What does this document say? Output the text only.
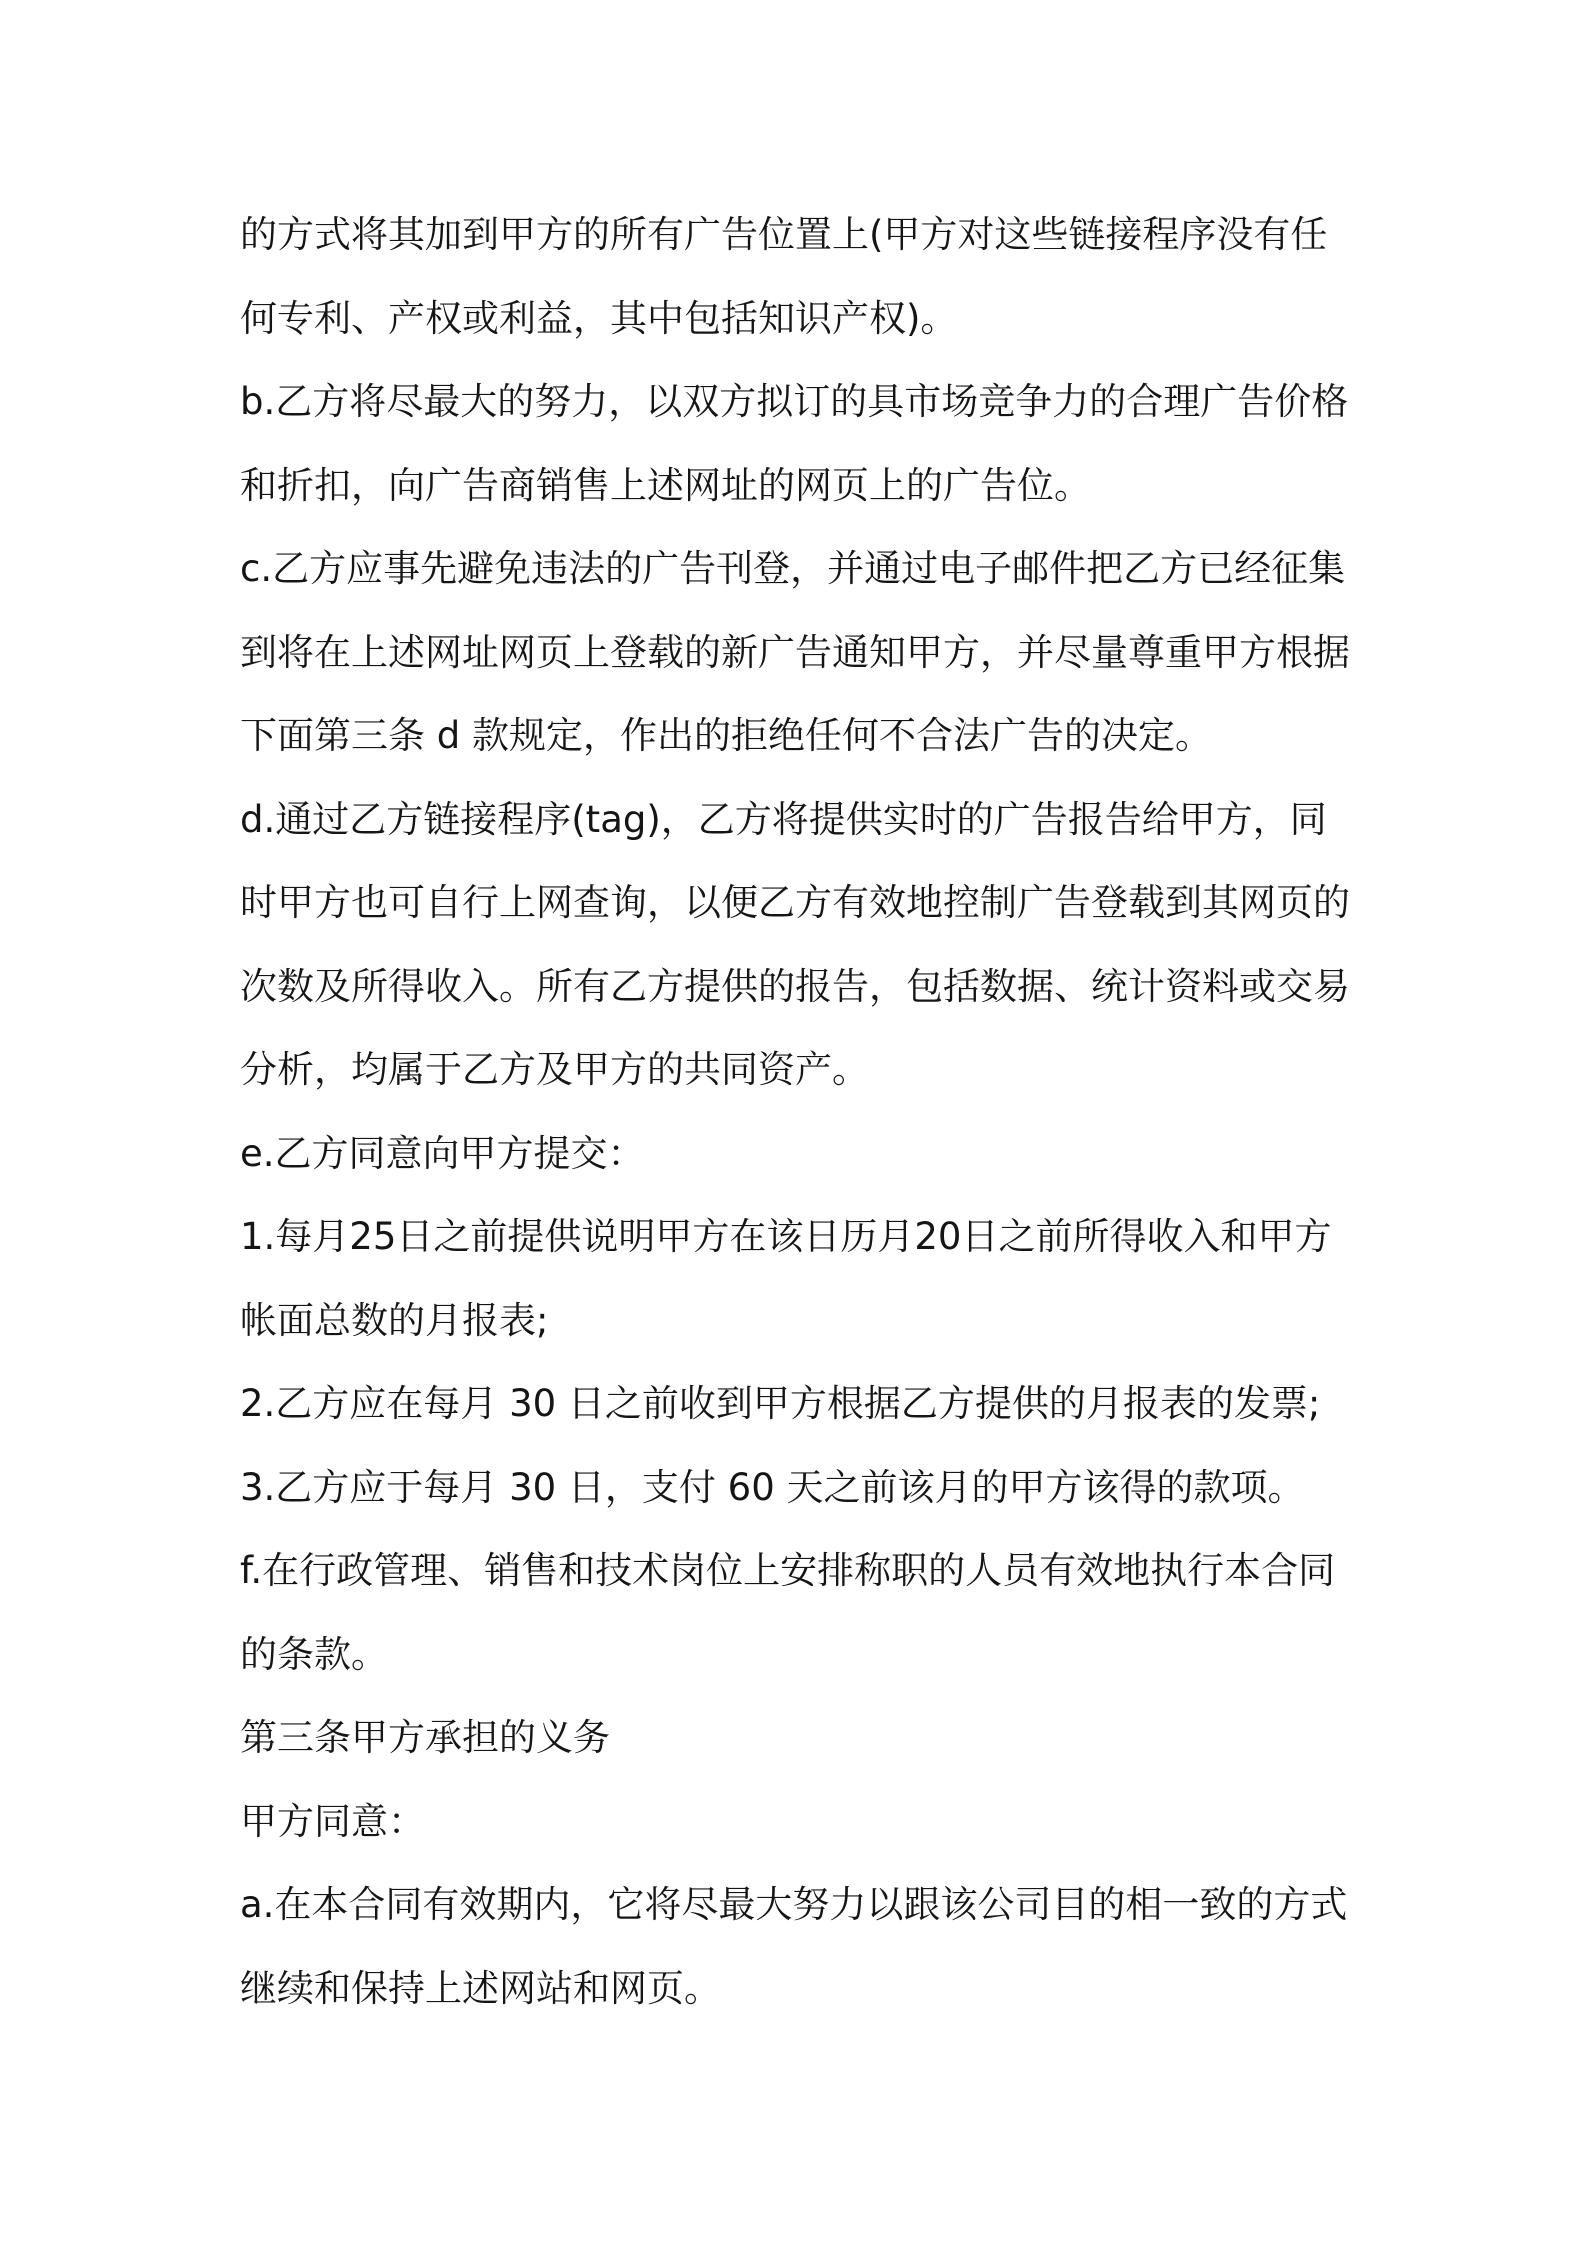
的方式将其加到甲方的所有广告位置上(甲方对这些链接程序没有任
何专利、产权或利益，其中包括知识产权)。
b.乙方将尽最大的努力，以双方拟订的具市场竞争力的合理广告价格
和折扣，向广告商销售上述网址的网页上的广告位。
c.乙方应事先避免违法的广告刊登，并通过电子邮件把乙方已经征集
到将在上述网址网页上登载的新广告通知甲方，并尽量尊重甲方根据
下面第三条 d 款规定，作出的拒绝任何不合法广告的决定。
d.通过乙方链接程序(tag)，乙方将提供实时的广告报告给甲方，同
时甲方也可自行上网查询，以便乙方有效地控制广告登载到其网页的
次数及所得收入。所有乙方提供的报告，包括数据、统计资料或交易
分析，均属于乙方及甲方的共同资产。
e.乙方同意向甲方提交：
1.每月25日之前提供说明甲方在该日历月20日之前所得收入和甲方
帐面总数的月报表;
2.乙方应在每月 30 日之前收到甲方根据乙方提供的月报表的发票;
3.乙方应于每月 30 日，支付 60 天之前该月的甲方该得的款项。
f.在行政管理、销售和技术岗位上安排称职的人员有效地执行本合同
的条款。
第三条甲方承担的义务
甲方同意：
a.在本合同有效期内，它将尽最大努力以跟该公司目的相一致的方式
继续和保持上述网站和网页。
